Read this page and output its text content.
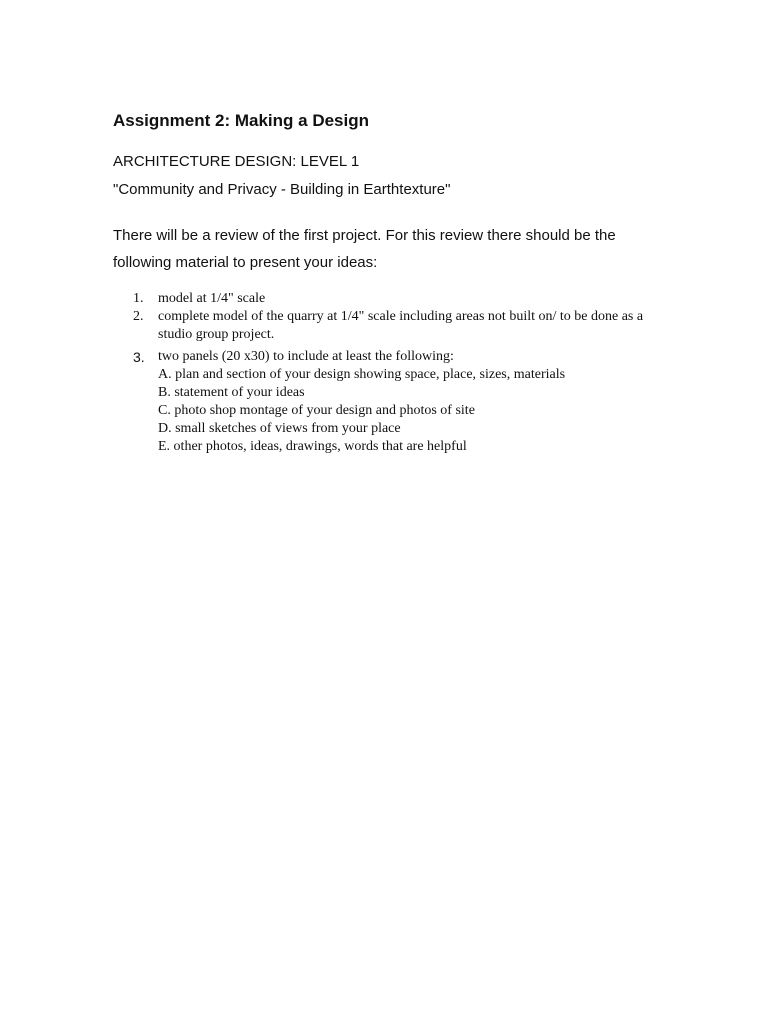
Assignment 2: Making a Design
ARCHITECTURE DESIGN: LEVEL 1
"Community and Privacy - Building in Earthtexture"

There will be a review of the first project. For this review there should be the following material to present your ideas:

1.	model at 1/4" scale
2.	complete model of the quarry at 1/4" scale including areas not built on/ to be done as a studio group project.
3. two panels (20 x30) to include at least the following:
A. plan and section of your design showing space, place, sizes, materials
B. statement of your ideas
C. photo shop montage of your design and photos of site
D. small sketches of views from your place
E. other photos, ideas, drawings, words that are helpful
